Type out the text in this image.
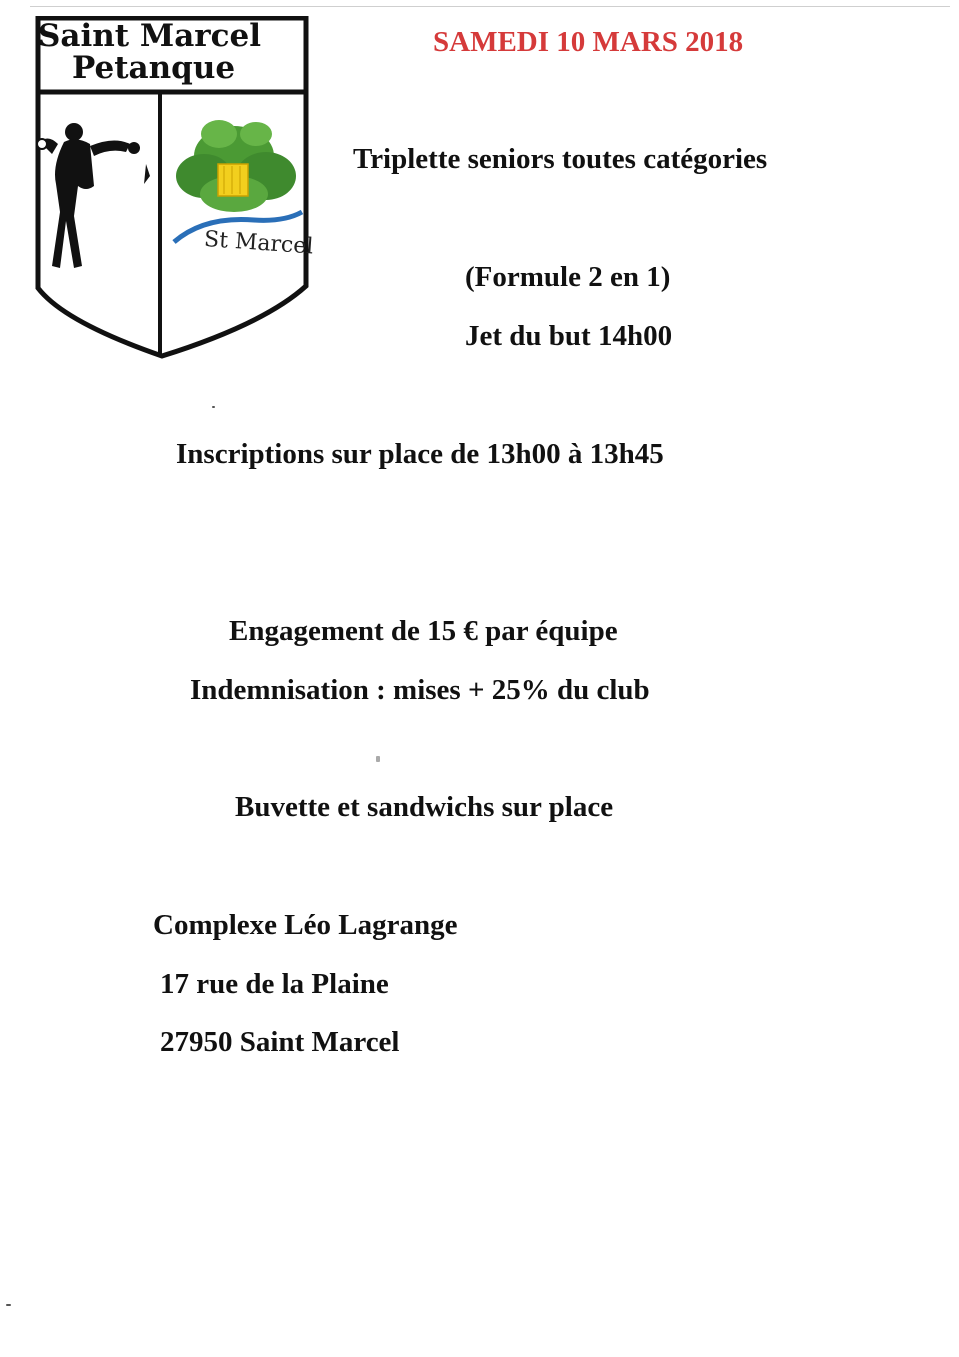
Saint Marcel
Petanque
St Marcel

SAMEDI 10 MARS 2018

Triplette seniors toutes catégories

(Formule 2 en 1)

Jet du but 14h00

Inscriptions sur place de 13h00 à 13h45

Engagement de 15 € par équipe

Indemnisation : mises + 25% du club

Buvette et sandwichs sur place

Complexe Léo Lagrange

17 rue de la Plaine

27950 Saint Marcel
